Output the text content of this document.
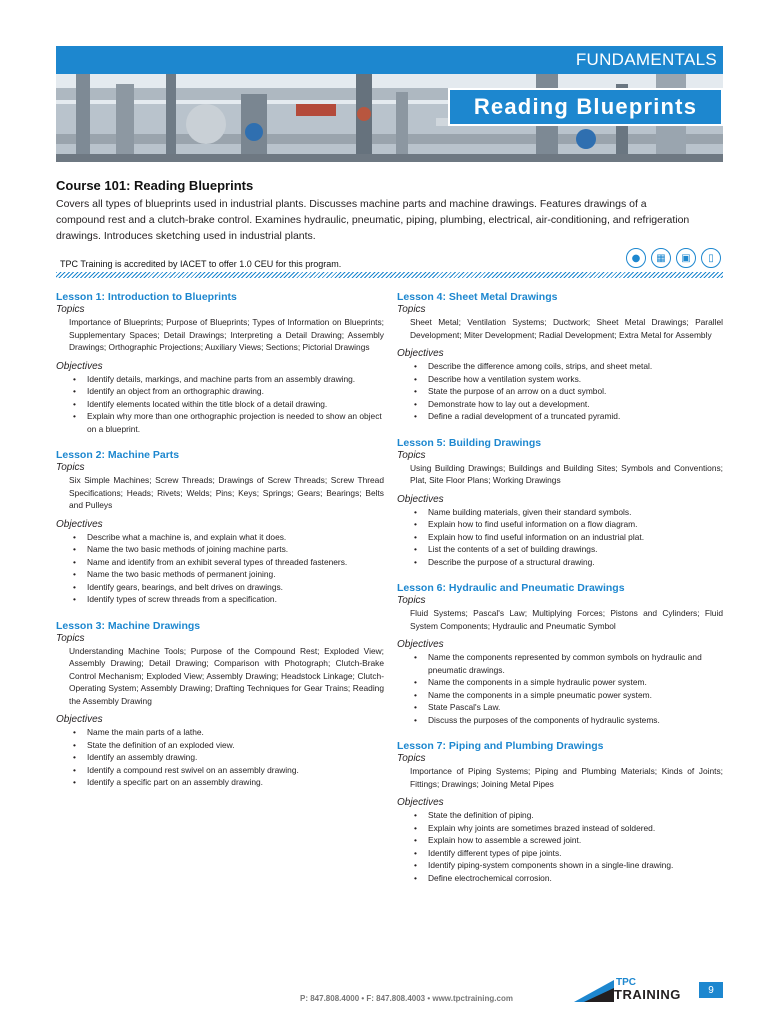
FUNDAMENTALS
Reading Blueprints
Course 101: Reading Blueprints
Covers all types of blueprints used in industrial plants. Discusses machine parts and machine drawings. Features drawings of a compound rest and a clutch-brake control. Examines hydraulic, pneumatic, piping, plumbing, electrical, air-conditioning, and refrigeration drawings. Introduces sketching used in industrial plants.
TPC Training is accredited by IACET to offer 1.0 CEU for this program.
●	▦	▣	▯
Lesson 1: Introduction to Blueprints
Topics
Importance of Blueprints; Purpose of Blueprints; Types of Information on Blueprints; Supplementary Spaces; Detail Drawings; Interpreting a Detail Drawing; Assembly Drawings; Orthographic Projections; Auxiliary Views; Sections; Pictorial Drawings
Objectives
• Identify details, markings, and machine parts from an assembly drawing.
• Identify an object from an orthographic drawing.
• Identify elements located within the title block of a detail drawing.
• Explain why more than one orthographic projection is needed to show an object on a blueprint.
Lesson 2: Machine Parts
Topics
Six Simple Machines; Screw Threads; Drawings of Screw Threads; Screw Thread Specifications; Heads; Rivets; Welds; Pins; Keys; Springs; Gears; Bearings; Belts and Pulleys
Objectives
• Describe what a machine is, and explain what it does.
• Name the two basic methods of joining machine parts.
• Name and identify from an exhibit several types of threaded fasteners.
• Name the two basic methods of permanent joining.
• Identify gears, bearings, and belt drives on drawings.
• Identify types of screw threads from a specification.
Lesson 3: Machine Drawings
Topics
Understanding Machine Tools; Purpose of the Compound Rest; Exploded View; Assembly Drawing; Detail Drawing; Comparison with Photograph; Clutch-Brake Control Mechanism; Exploded View; Assembly Drawing; Headstock Linkage; Clutch-Operating System; Assembly Drawing; Drafting Techniques for Gear Trains; Reading the Assembly Drawing
Objectives
• Name the main parts of a lathe.
• State the definition of an exploded view.
• Identify an assembly drawing.
• Identify a compound rest swivel on an assembly drawing.
• Identify a specific part on an assembly drawing.
Lesson 4: Sheet Metal Drawings
Topics
Sheet Metal; Ventilation Systems; Ductwork; Sheet Metal Drawings; Parallel Development; Miter Development; Radial Development; Extra Metal for Assembly
Objectives
• Describe the difference among coils, strips, and sheet metal.
• Describe how a ventilation system works.
• State the purpose of an arrow on a duct symbol.
• Demonstrate how to lay out a development.
• Define a radial development of a truncated pyramid.
Lesson 5: Building Drawings
Topics
Using Building Drawings; Buildings and Building Sites; Symbols and Conventions; Plat, Site Floor Plans; Working Drawings
Objectives
• Name building materials, given their standard symbols.
• Explain how to find useful information on a flow diagram.
• Explain how to find useful information on an industrial plat.
• List the contents of a set of building drawings.
• Describe the purpose of a structural drawing.
Lesson 6: Hydraulic and Pneumatic Drawings
Topics
Fluid Systems; Pascal's Law; Multiplying Forces; Pistons and Cylinders; Fluid System Components; Hydraulic and Pneumatic Symbol
Objectives
• Name the components represented by common symbols on hydraulic and pneumatic drawings.
• Name the components in a simple hydraulic power system.
• Name the components in a simple pneumatic power system.
• State Pascal's Law.
• Discuss the purposes of the components of hydraulic systems.
Lesson 7: Piping and Plumbing Drawings
Topics
Importance of Piping Systems; Piping and Plumbing Materials; Kinds of Joints; Fittings; Drawings; Joining Metal Pipes
Objectives
• State the definition of piping.
• Explain why joints are sometimes brazed instead of soldered.
• Explain how to assemble a screwed joint.
• Identify different types of pipe joints.
• Identify piping-system components shown in a single-line drawing.
• Define electrochemical corrosion.
P: 847.808.4000 • F: 847.808.4003 • www.tpctraining.com
TPC
TRAINING	9
